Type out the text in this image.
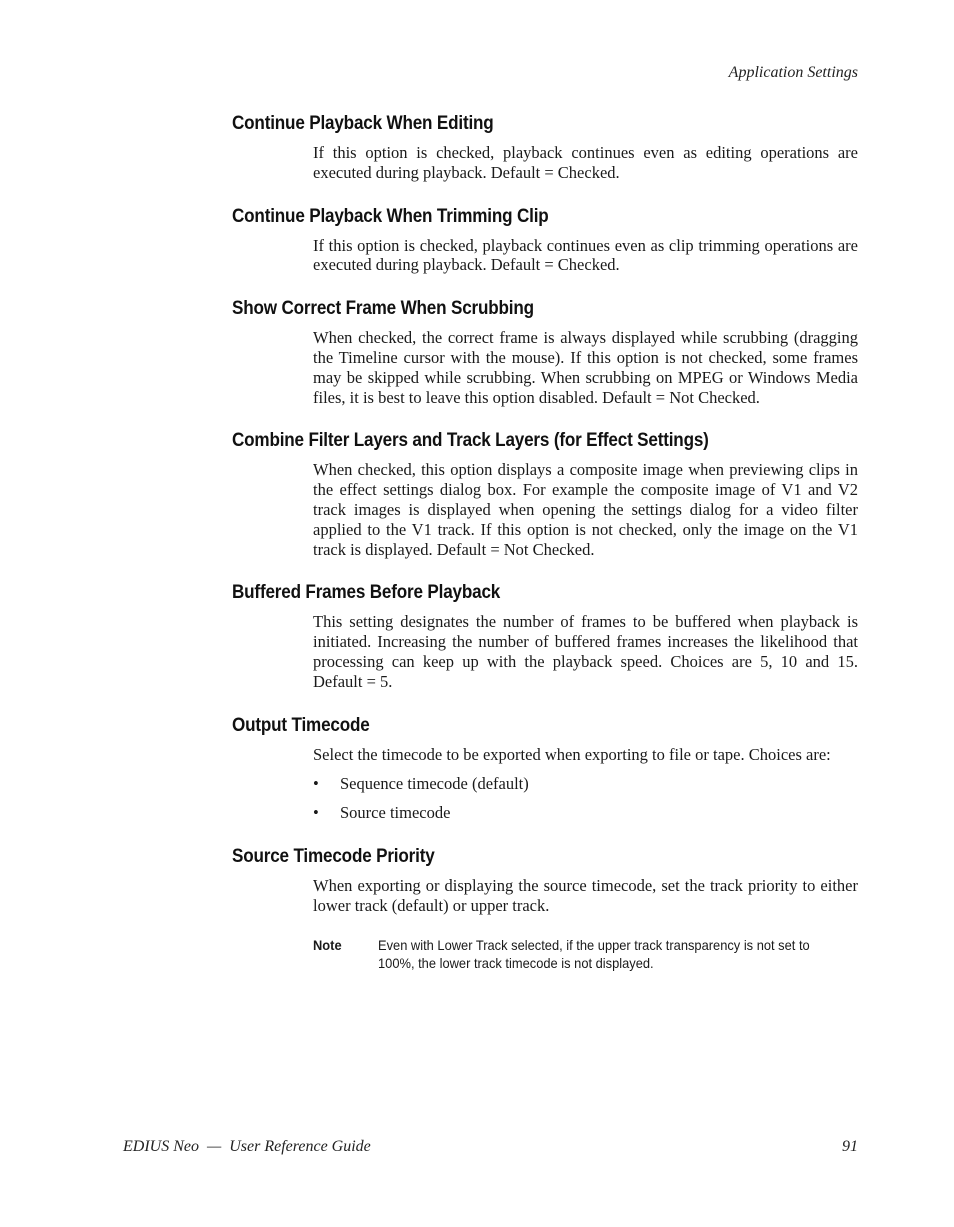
Application Settings
Continue Playback When Editing

If this option is checked, playback continues even as editing operations are executed during playback. Default = Checked.

Continue Playback When Trimming Clip

If this option is checked, playback continues even as clip trimming operations are executed during playback. Default = Checked.

Show Correct Frame When Scrubbing

When checked, the correct frame is always displayed while scrubbing (dragging the Timeline cursor with the mouse). If this option is not checked, some frames may be skipped while scrubbing. When scrubbing on MPEG or Windows Media files, it is best to leave this option disabled. Default = Not Checked.

Combine Filter Layers and Track Layers (for Effect Settings)

When checked, this option displays a composite image when previewing clips in the effect settings dialog box. For example the composite image of V1 and V2 track images is displayed when opening the settings dialog for a video filter applied to the V1 track. If this option is not checked, only the image on the V1 track is displayed. Default = Not Checked.

Buffered Frames Before Playback

This setting designates the number of frames to be buffered when playback is initiated. Increasing the number of buffered frames increases the likelihood that processing can keep up with the playback speed. Choices are 5, 10 and 15. Default = 5.

Output Timecode

Select the timecode to be exported when exporting to file or tape. Choices are:

• Sequence timecode (default)
• Source timecode
Source Timecode Priority

When exporting or displaying the source timecode, set the track priority to either lower track (default) or upper track.

Note	Even with Lower Track selected, if the upper track transparency is not set to 100%, the lower track timecode is not displayed.
EDIUS Neo  —  User Reference Guide	91
